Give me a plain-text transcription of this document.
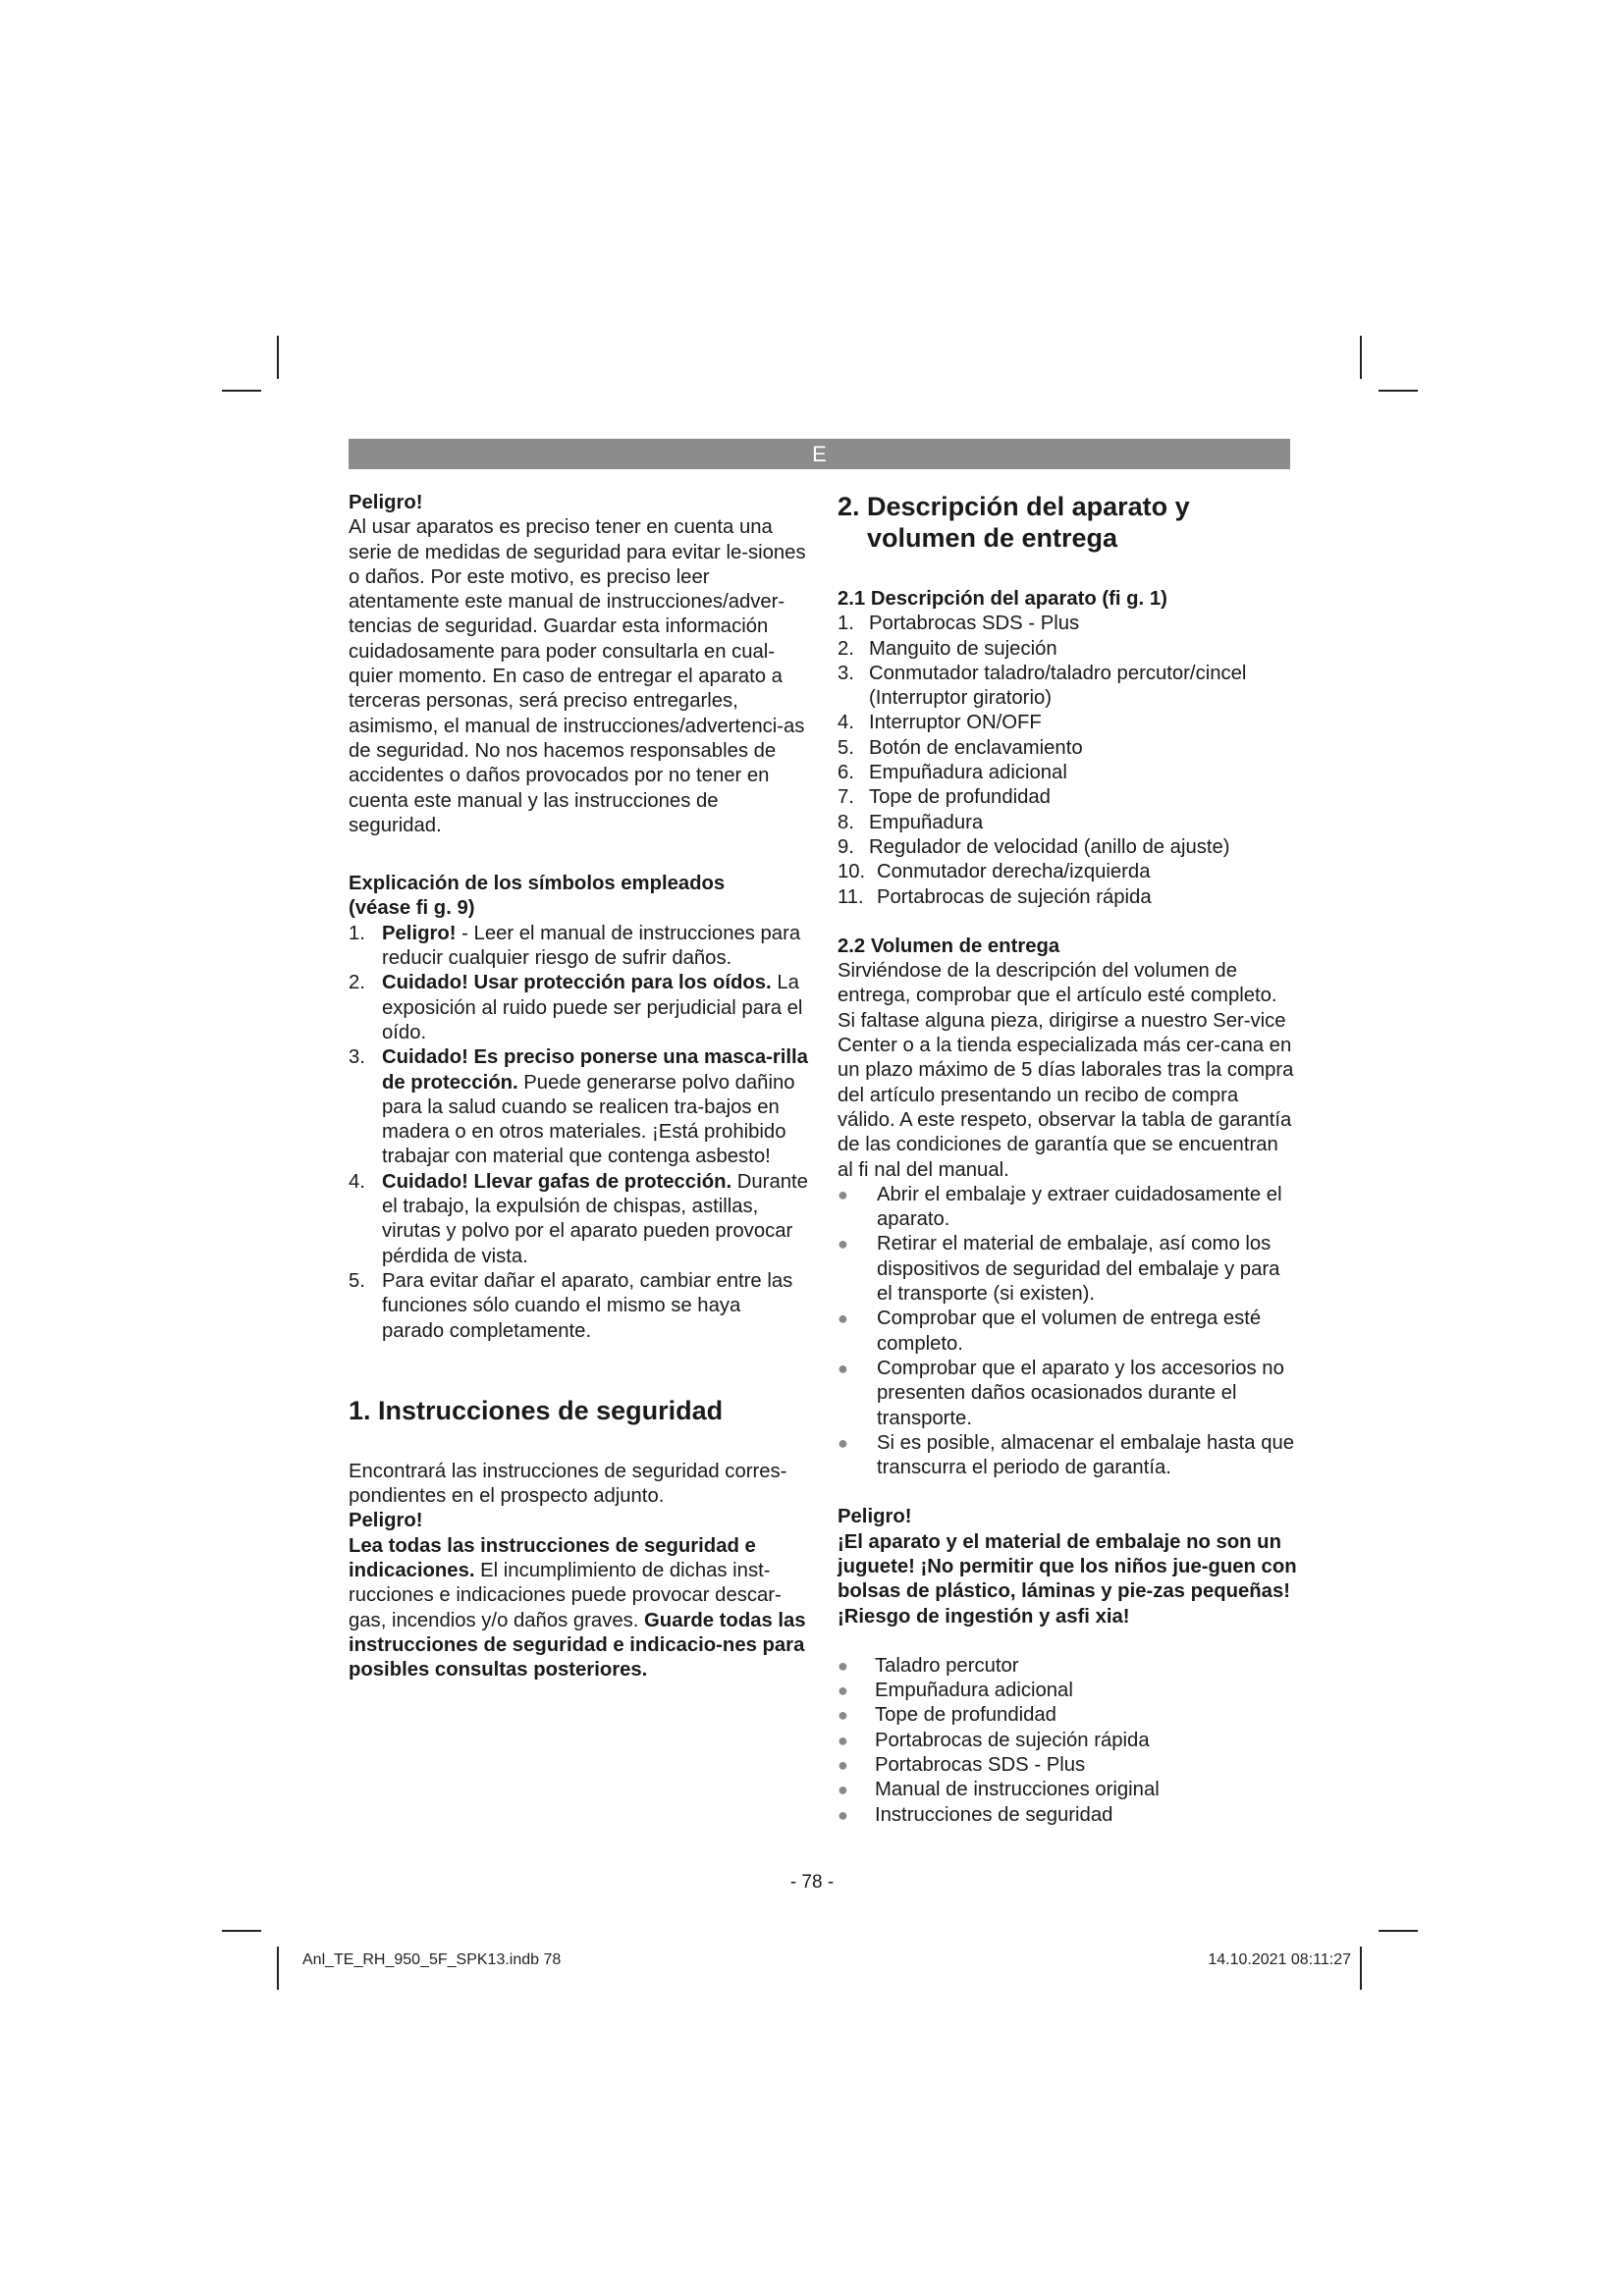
E

Peligro!

Al usar aparatos es preciso tener en cuenta una serie de medidas de seguridad para evitar le-siones o daños. Por este motivo, es preciso leer atentamente este manual de instrucciones/adver-tencias de seguridad. Guardar esta información cuidadosamente para poder consultarla en cual-quier momento. En caso de entregar el aparato a terceras personas, será preciso entregarles, asimismo, el manual de instrucciones/advertenci-as de seguridad. No nos hacemos responsables de accidentes o daños provocados por no tener en cuenta este manual y las instrucciones de seguridad.

Explicación de los símbolos empleados

(véase fi g. 9)

1. Peligro! - Leer el manual de instrucciones para reducir cualquier riesgo de sufrir daños.
2. Cuidado! Usar protección para los oídos. La exposición al ruido puede ser perjudicial para el oído.
3. Cuidado! Es preciso ponerse una masca-rilla de protección. Puede generarse polvo dañino para la salud cuando se realicen tra-bajos en madera o en otros materiales. ¡Está prohibido trabajar con material que contenga asbesto!
4. Cuidado! Llevar gafas de protección. Durante el trabajo, la expulsión de chispas, astillas, virutas y polvo por el aparato pueden provocar pérdida de vista.
5. Para evitar dañar el aparato, cambiar entre las funciones sólo cuando el mismo se haya parado completamente.

1. Instrucciones de seguridad

Encontrará las instrucciones de seguridad corres-pondientes en el prospecto adjunto.

Peligro!

Lea todas las instrucciones de seguridad e indicaciones. El incumplimiento de dichas inst-rucciones e indicaciones puede provocar descar-gas, incendios y/o daños graves. Guarde todas las instrucciones de seguridad e indicacio-nes para posibles consultas posteriores.

2. Descripción del aparato y
volumen de entrega

2.1 Descripción del aparato (fi g. 1)

1. Portabrocas SDS - Plus
2. Manguito de sujeción
3. Conmutador taladro/taladro percutor/cincel (Interruptor giratorio)
4. Interruptor ON/OFF
5. Botón de enclavamiento
6. Empuñadura adicional
7. Tope de profundidad
8. Empuñadura
9. Regulador de velocidad (anillo de ajuste)
10. Conmutador derecha/izquierda
11. Portabrocas de sujeción rápida

2.2 Volumen de entrega

Sirviéndose de la descripción del volumen de entrega, comprobar que el artículo esté completo. Si faltase alguna pieza, dirigirse a nuestro Ser-vice Center o a la tienda especializada más cer-cana en un plazo máximo de 5 días laborales tras la compra del artículo presentando un recibo de compra válido. A este respeto, observar la tabla de garantía de las condiciones de garantía que se encuentran al fi nal del manual.

● Abrir el embalaje y extraer cuidadosamente el aparato.
● Retirar el material de embalaje, así como los dispositivos de seguridad del embalaje y para el transporte (si existen).
● Comprobar que el volumen de entrega esté completo.
● Comprobar que el aparato y los accesorios no presenten daños ocasionados durante el transporte.
● Si es posible, almacenar el embalaje hasta que transcurra el periodo de garantía.

Peligro!

¡El aparato y el material de embalaje no son un juguete! ¡No permitir que los niños jue-guen con bolsas de plástico, láminas y pie-zas pequeñas! ¡Riesgo de ingestión y asfi xia!

● Taladro percutor
● Empuñadura adicional
● Tope de profundidad
● Portabrocas de sujeción rápida
● Portabrocas SDS - Plus
● Manual de instrucciones original
● Instrucciones de seguridad
- 78 -
Anl_TE_RH_950_5F_SPK13.indb 78	14.10.2021 08:11:27
